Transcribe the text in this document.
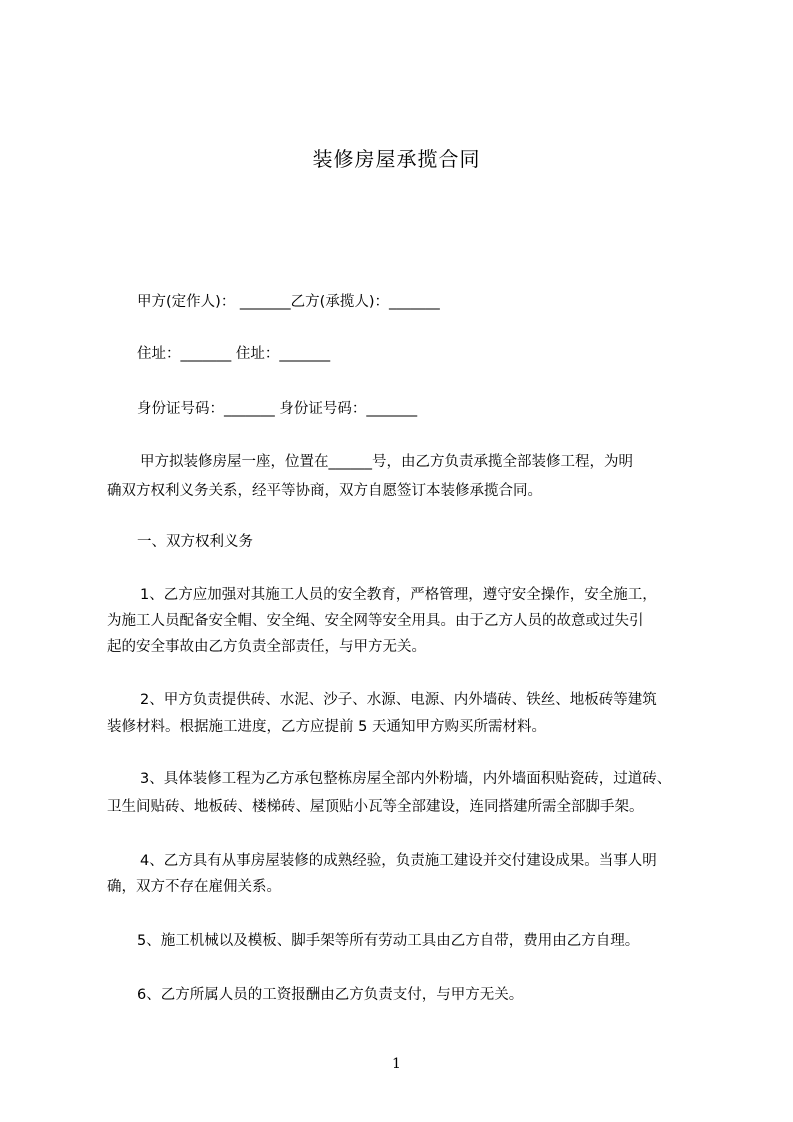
装修房屋承揽合同
甲方(定作人)： _______乙方(承揽人)：_______
住址：_______ 住址：_______
身份证号码：_______ 身份证号码：_______
甲方拟装修房屋一座，位置在______号，由乙方负责承揽全部装修工程，为明
确双方权利义务关系，经平等协商，双方自愿签订本装修承揽合同。
一、双方权利义务
1、乙方应加强对其施工人员的安全教育，严格管理，遵守安全操作，安全施工，
为施工人员配备安全帽、安全绳、安全网等安全用具。由于乙方人员的故意或过失引
起的安全事故由乙方负责全部责任，与甲方无关。
2、甲方负责提供砖、水泥、沙子、水源、电源、内外墙砖、铁丝、地板砖等建筑
装修材料。根据施工进度，乙方应提前 5 天通知甲方购买所需材料。
3、具体装修工程为乙方承包整栋房屋全部内外粉墙，内外墙面积贴瓷砖，过道砖、
卫生间贴砖、地板砖、楼梯砖、屋顶贴小瓦等全部建设，连同搭建所需全部脚手架。
4、乙方具有从事房屋装修的成熟经验，负责施工建设并交付建设成果。当事人明
确，双方不存在雇佣关系。
5、施工机械以及模板、脚手架等所有劳动工具由乙方自带，费用由乙方自理。
6、乙方所属人员的工资报酬由乙方负责支付，与甲方无关。
1
